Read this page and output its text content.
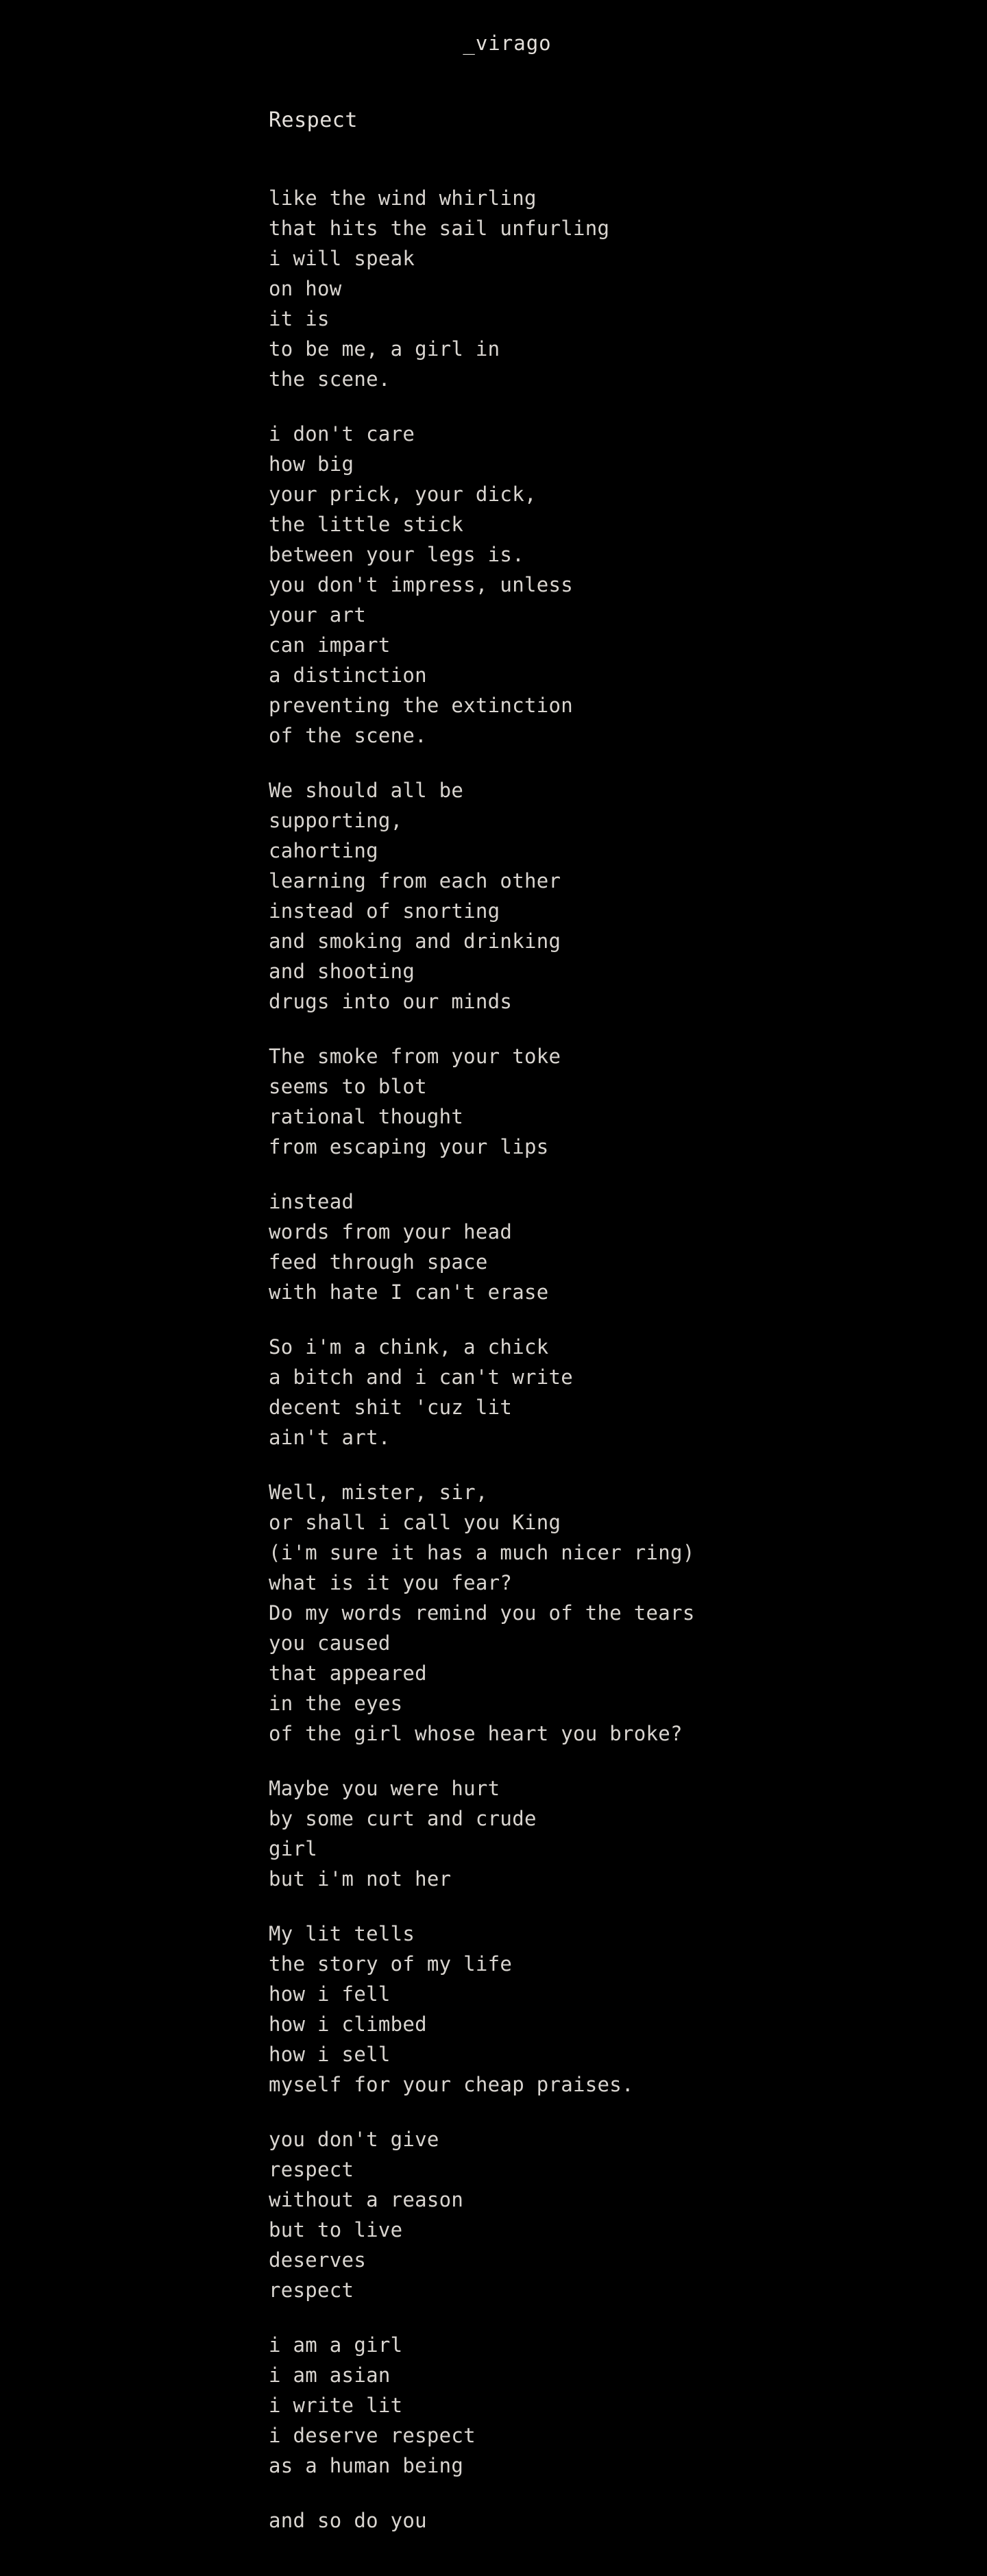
_virago
Respect
like the wind whirling
that hits the sail unfurling
i will speak
on how
it is
to be me, a girl in
the scene.
i don't care
how big
your prick, your dick,
the little stick
between your legs is.
you don't impress, unless
your art
can impart
a distinction
preventing the extinction
of the scene.
We should all be
supporting,
cahorting
learning from each other
instead of snorting
and smoking and drinking
and shooting
drugs into our minds
The smoke from your toke
seems to blot
rational thought
from escaping your lips
instead
words from your head
feed through space
with hate I can't erase
So i'm a chink, a chick
a bitch and i can't write
decent shit 'cuz lit
ain't art.
Well, mister, sir,
or shall i call you King
(i'm sure it has a much nicer ring)
what is it you fear?
Do my words remind you of the tears
you caused
that appeared
in the eyes
of the girl whose heart you broke?
Maybe you were hurt
by some curt and crude
girl
but i'm not her
My lit tells
the story of my life
how i fell
how i climbed
how i sell
myself for your cheap praises.
you don't give
respect
without a reason
but to live
deserves
respect
i am a girl
i am asian
i write lit
i deserve respect
as a human being
and so do you
